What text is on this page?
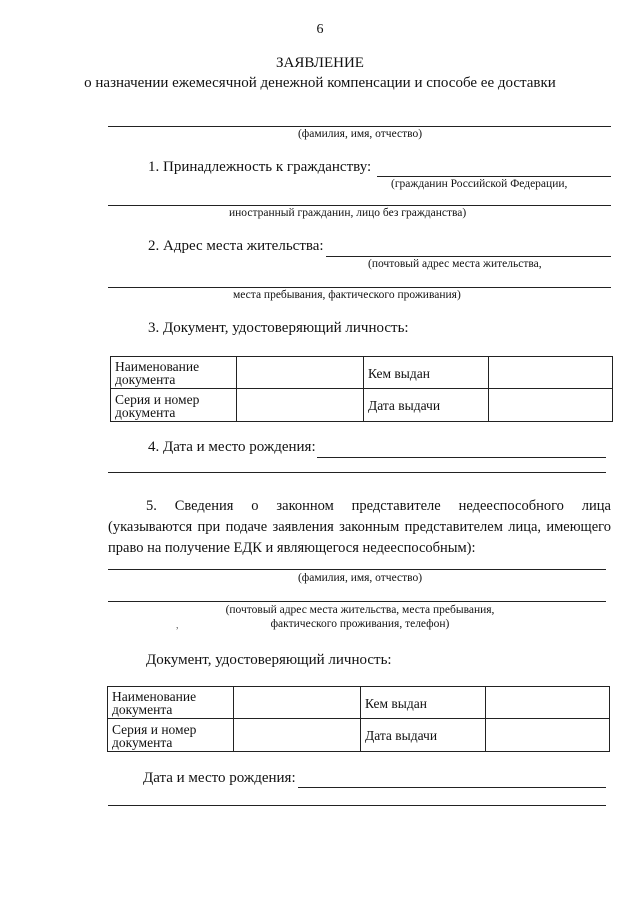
6
ЗАЯВЛЕНИЕ
о назначении ежемесячной денежной компенсации и способе ее доставки
(фамилия, имя, отчество)
1. Принадлежность к гражданству:
(гражданин Российской Федерации,
иностранный гражданин, лицо без гражданства)
2. Адрес места жительства:
(почтовый адрес места жительства,
места пребывания, фактического проживания)
3. Документ, удостоверяющий личность:
Наименование документа		Кем выдан	
Серия и номер документа		Дата выдачи	
4. Дата и место рождения:
5. Сведения о законном представителе недееспособного лица (указываются при подаче заявления законным представителем лица, имеющего право на получение ЕДК и являющегося недееспособным):
(фамилия, имя, отчество)
(почтовый адрес места жительства, места пребывания,
фактического проживания, телефон)
,
Документ, удостоверяющий личность:
Наименование документа		Кем выдан	
Серия и номер документа		Дата выдачи	
Дата и место рождения:
